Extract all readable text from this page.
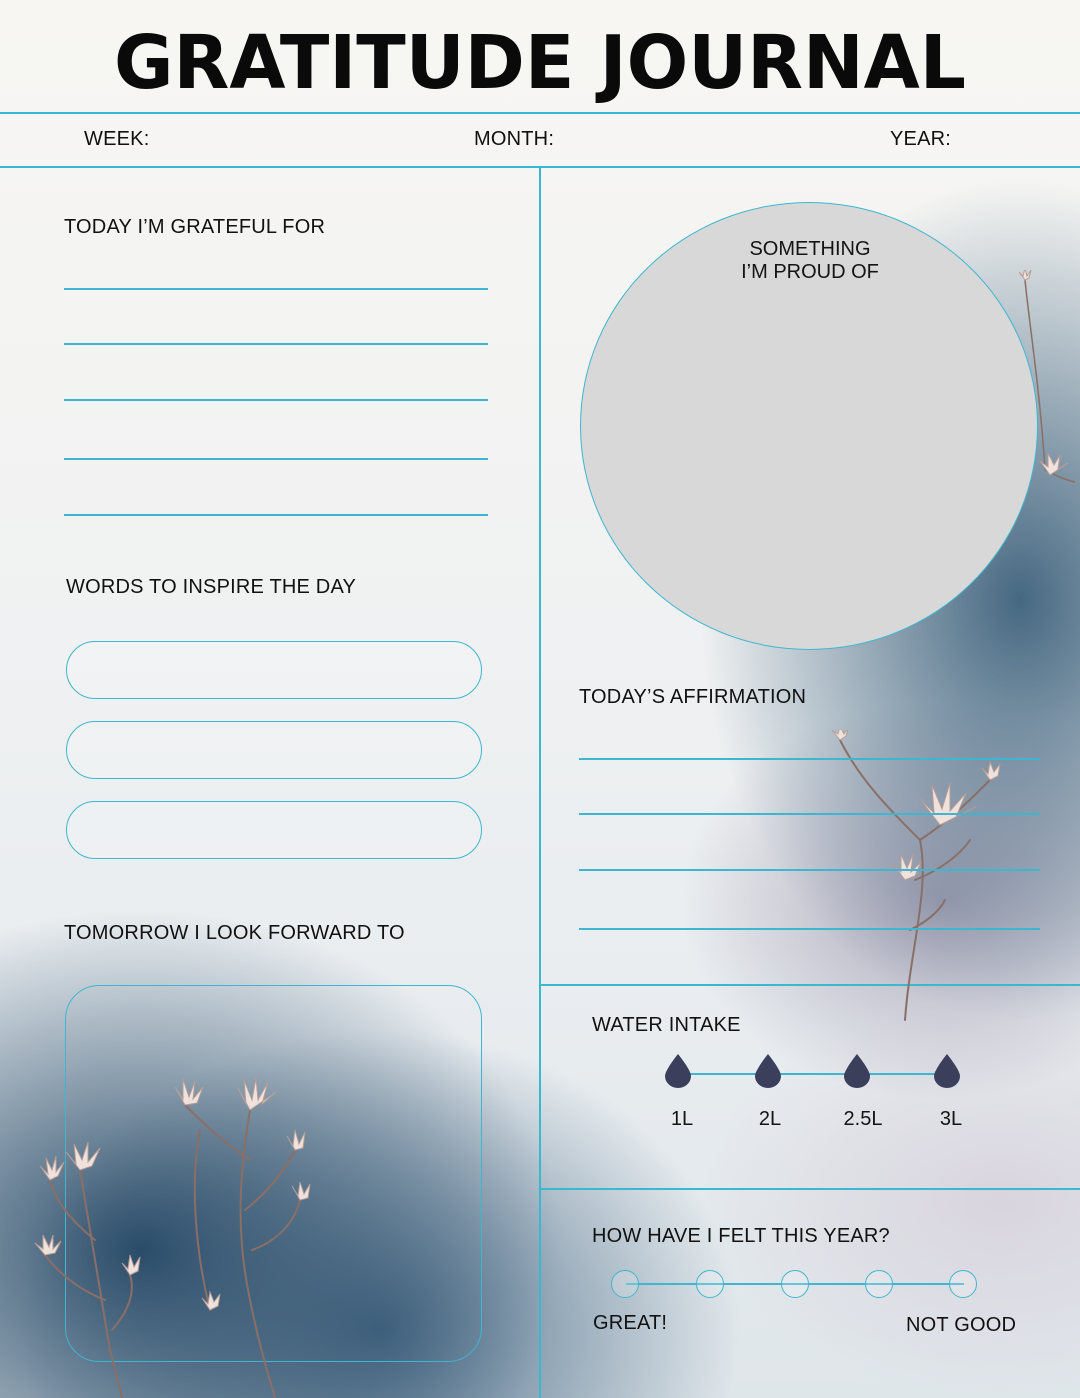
GRATITUDE JOURNAL
WEEK:	MONTH:	YEAR:
TODAY I’M GRATEFUL FOR
WORDS TO INSPIRE THE DAY
TOMORROW I LOOK FORWARD TO
SOMETHING
I’M PROUD OF
TODAY’S AFFIRMATION
WATER INTAKE
1L	2L	2.5L	3L
HOW HAVE I FELT THIS YEAR?
GREAT!	NOT GOOD
